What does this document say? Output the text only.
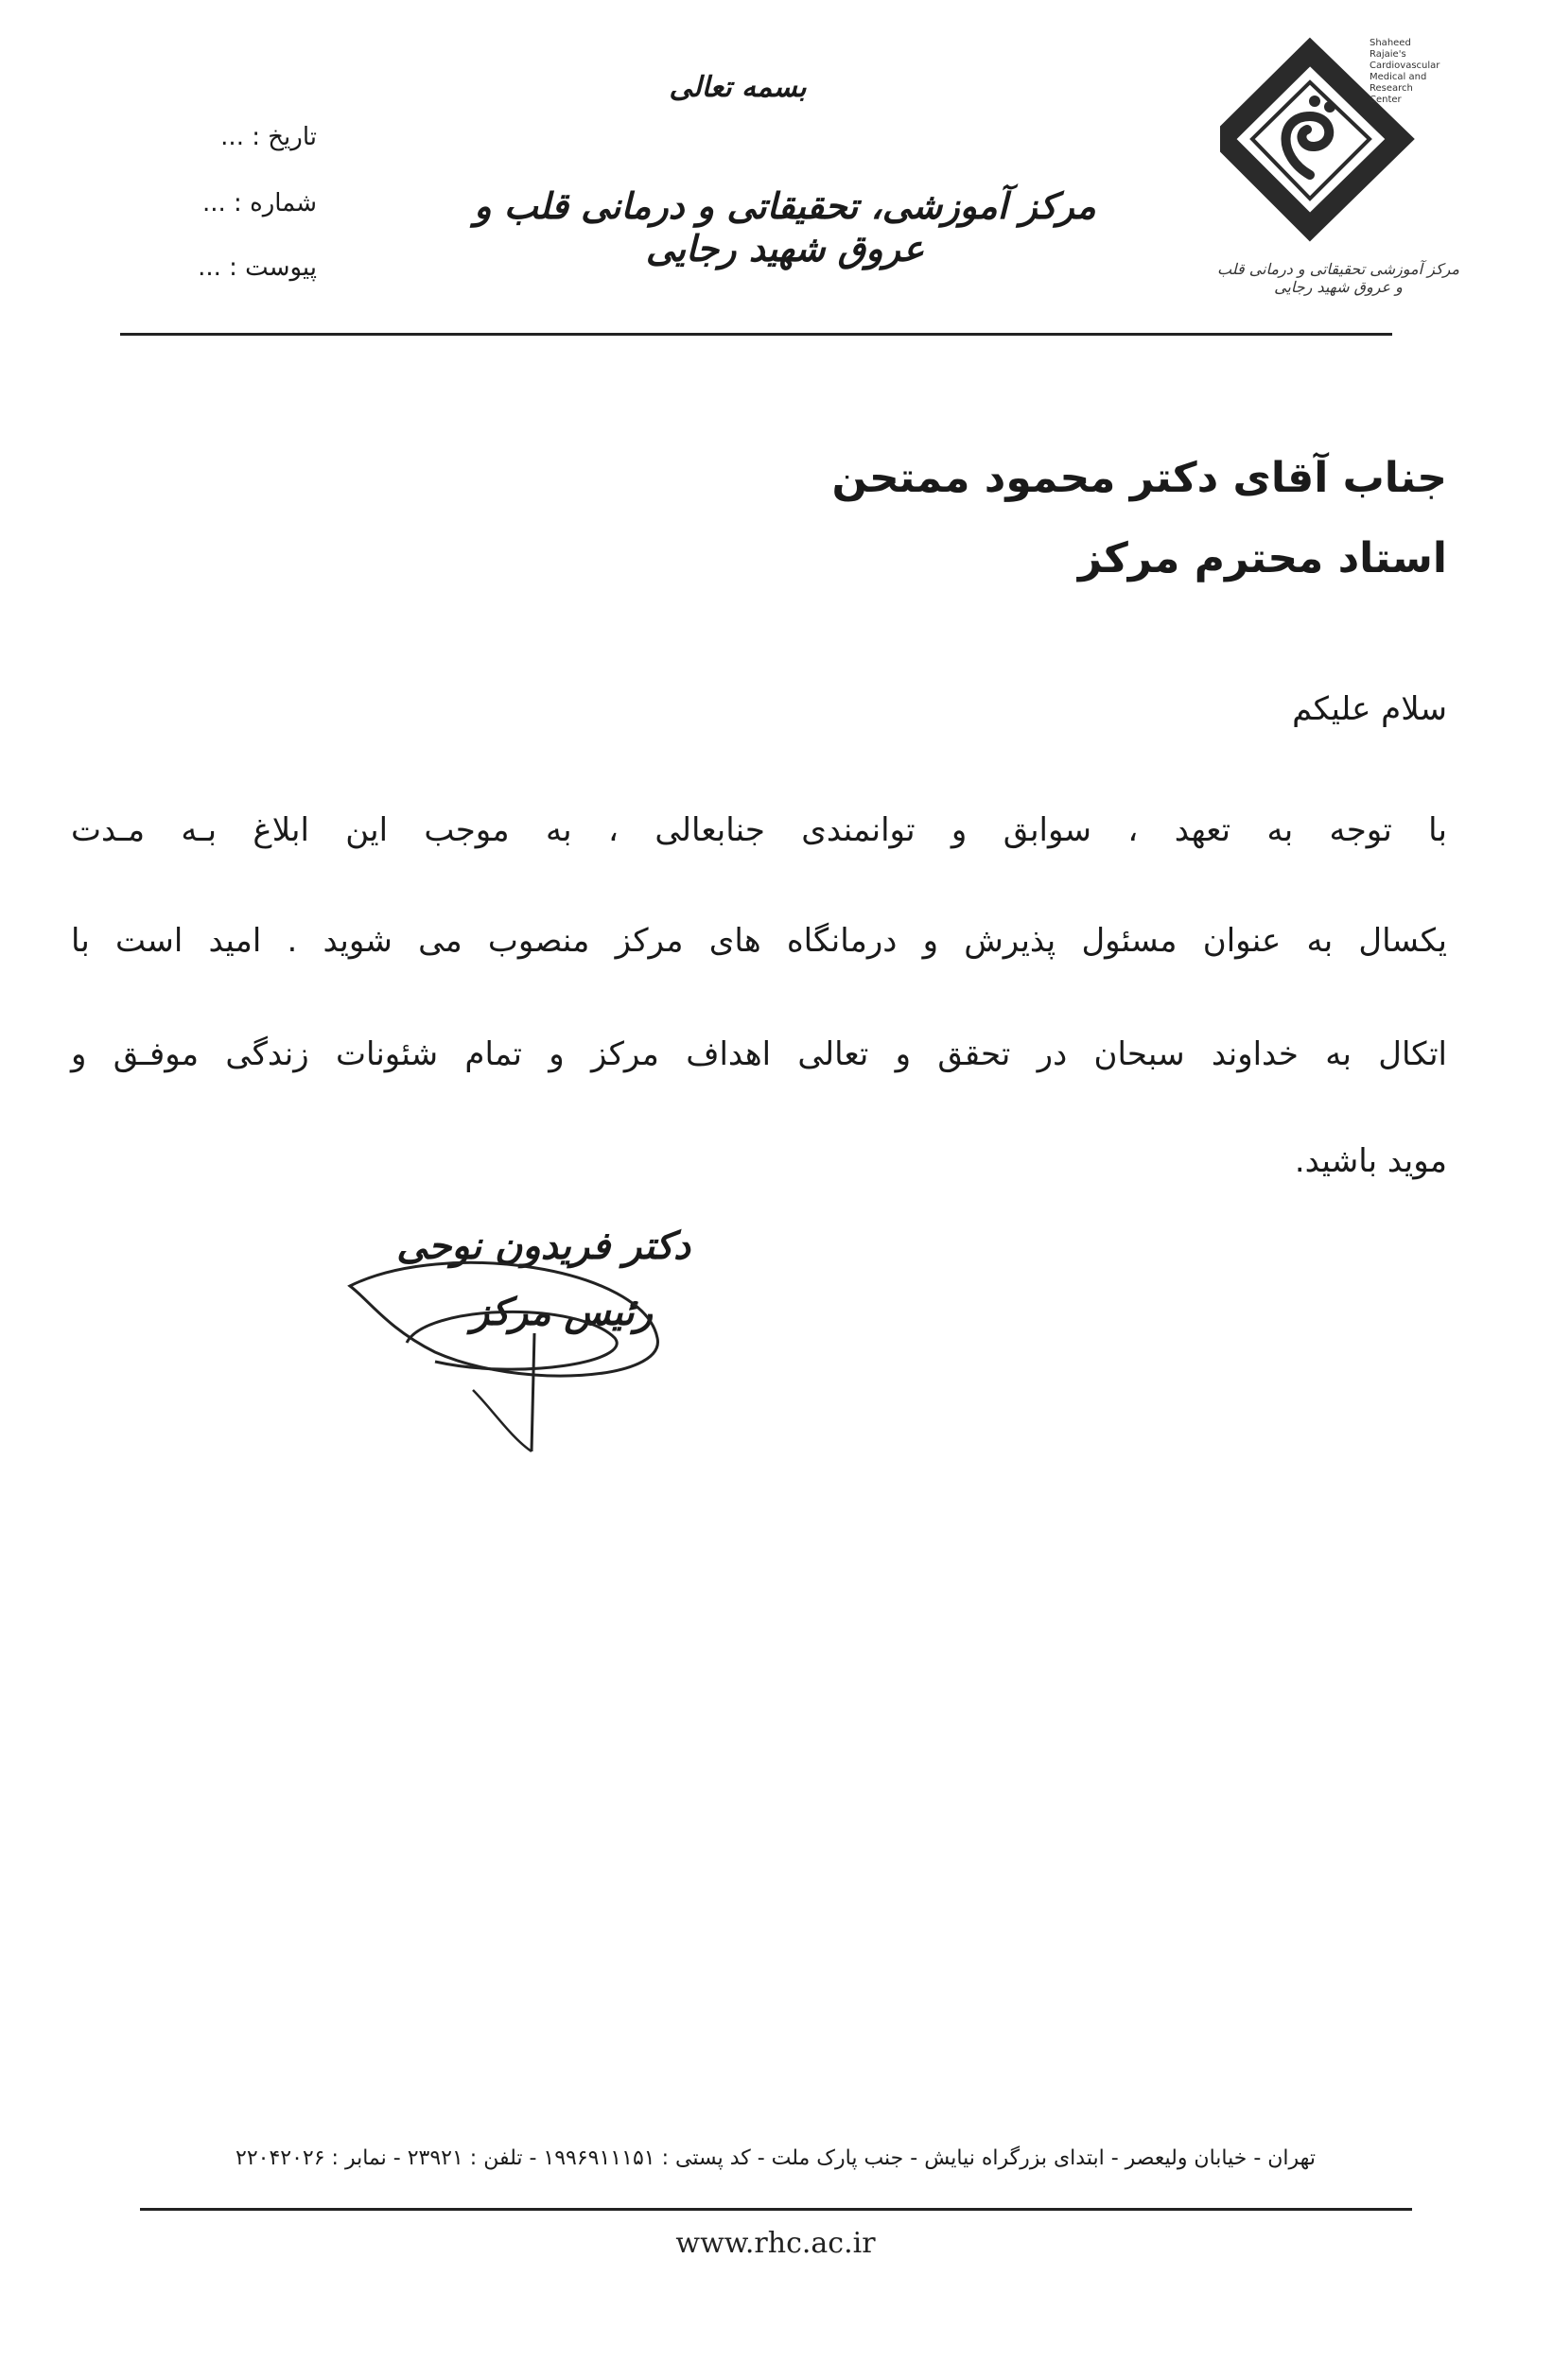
تاریخ : ...
شماره : ...
پیوست : ...
بسمه تعالی
مرکز آموزشی، تحقیقاتی و درمانی قلب و عروق شهید رجایی
Shaheed Rajaie's
Cardiovascular
Medical and
Research
Center
مرکز آموزشی تحقیقاتی و درمانی قلب و عروق شهید رجایی
جناب آقای دکتر محمود ممتحن
استاد محترم مرکز
سلام علیکم
با توجه به تعهد ، سوابق و توانمندی جنابعالی ، به موجب این ابلاغ بـه مـدت
یکسال به عنوان مسئول پذیرش و درمانگاه های مرکز منصوب می شوید . امید است با
اتکال به خداوند سبحان در تحقق و تعالی اهداف مرکز و تمام شئونات زندگی موفـق و
موید باشید.
دکتر فریدون نوحی
رئیس مرکز
تهران - خیابان ولیعصر - ابتدای بزرگراه نیایش - جنب پارک ملت - کد پستی : ۱۹۹۶۹۱۱۱۵۱ - تلفن : ۲۳۹۲۱ - نمابر : ۲۲۰۴۲۰۲۶
www.rhc.ac.ir
